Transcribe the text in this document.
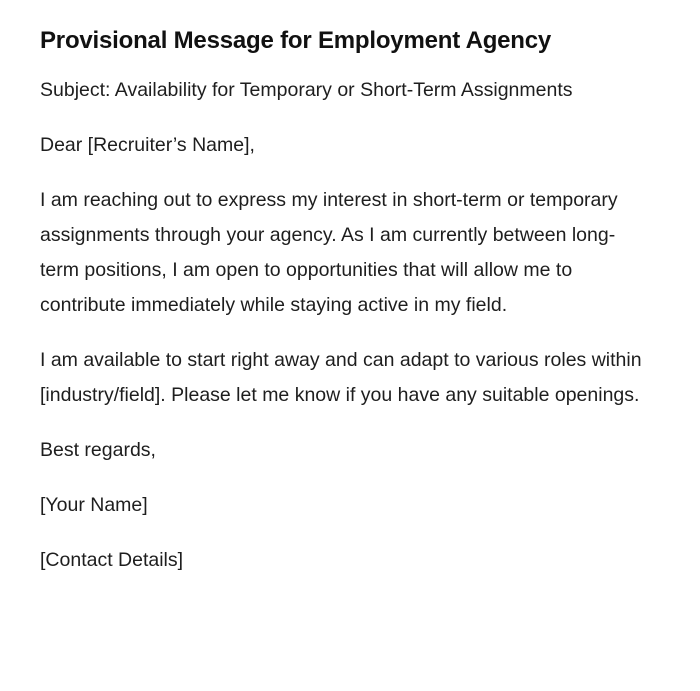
Provisional Message for Employment Agency

Subject: Availability for Temporary or Short-Term Assignments

Dear [Recruiter’s Name],

I am reaching out to express my interest in short-term or temporary assignments through your agency. As I am currently between long-term positions, I am open to opportunities that will allow me to contribute immediately while staying active in my field.

I am available to start right away and can adapt to various roles within [industry/field]. Please let me know if you have any suitable openings.

Best regards,

[Your Name]

[Contact Details]
